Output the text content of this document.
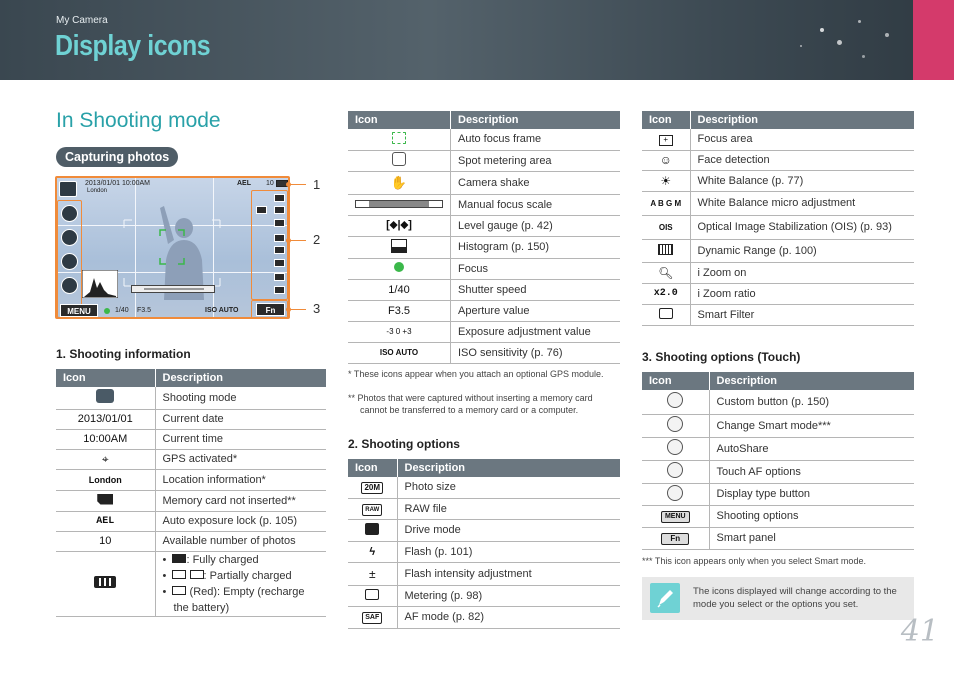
My Camera
Display icons
In Shooting mode
Capturing photos
2013/01/01 10:00AM
London
AEL 10
MENU	Fn
1/40 F3.5	ISO AUTO
1
2
3
1. Shooting information
Icon	Description
	Shooting mode
2013/01/01	Current date
10:00AM	Current time
⌖	GPS activated*
London	Location information*
	Memory card not inserted**
AEL	Auto exposure lock (p. 105)
10	Available number of photos

	•  : Fully charged
• : Partially charged
•   (Red): Empty (recharge the battery)
Icon	Description
	Auto focus frame
	Spot metering area
✋	Camera shake
	Manual focus scale
[⬥|⬥]	Level gauge (p. 42)
	Histogram (p. 150)
	Focus
1/40	Shutter speed
F3.5	Aperture value
-3 0 +3	Exposure adjustment value
ISO AUTO	ISO sensitivity (p. 76)
* These icons appear when you attach an optional GPS module.
** Photos that were captured without inserting a memory card cannot be transferred to a memory card or a computer.
2. Shooting options
Icon	Description
20M	Photo size
RAW	RAW file
	Drive mode
ϟ	Flash (p. 101)
±	Flash intensity adjustment
	Metering (p. 98)
SAF	AF mode (p. 82)
Icon	Description
+	Focus area
☺	Face detection
☀	White Balance (p. 77)
A B G M	White Balance micro adjustment
OIS	Optical Image Stabilization (OIS) (p. 93)
	Dynamic Range (p. 100)
🔍︎	i Zoom on
x2.0	i Zoom ratio
	Smart Filter
3. Shooting options (Touch)
Icon	Description
	Custom button (p. 150)
	Change Smart mode***
	AutoShare
	Touch AF options
	Display type button
MENU	Shooting options
Fn	Smart panel
*** This icon appears only when you select Smart mode.
The icons displayed will change according to the mode you select or the options you set.
41
